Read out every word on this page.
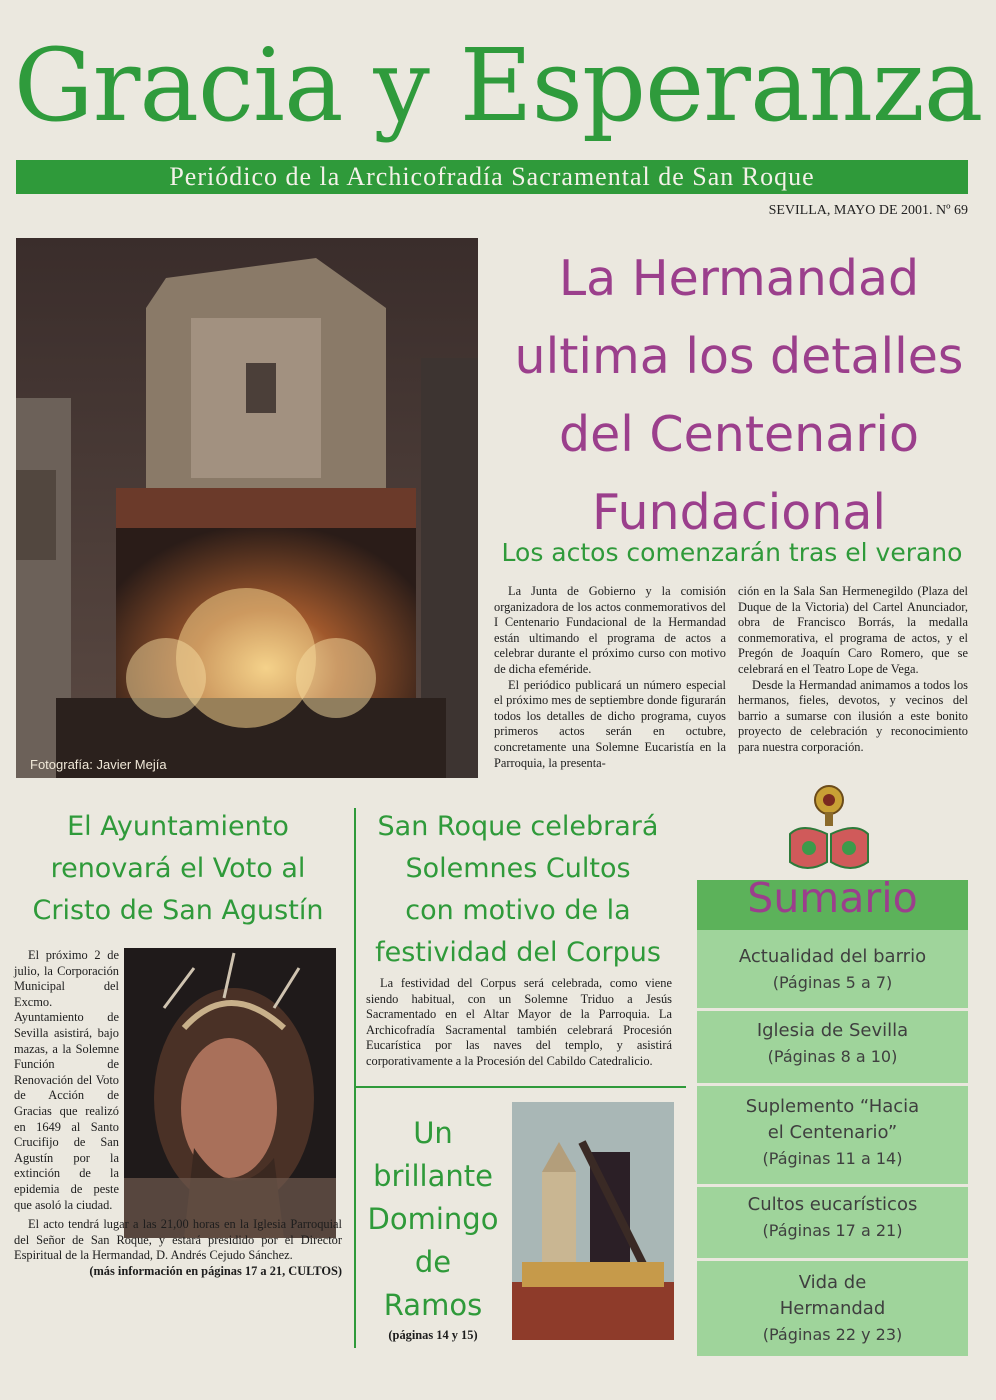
Gracia y Esperanza
Periódico de la Archicofradía Sacramental de San Roque
SEVILLA, MAYO DE 2001. Nº 69
Fotografía: Javier Mejía
La Hermandad
ultima los detalles
del Centenario
Fundacional
Los actos comenzarán tras el verano

La Junta de Gobierno y la comisión organizadora de los actos conmemorativos del I Centenario Fundacional de la Hermandad están ultimando el programa de actos a celebrar durante el próximo curso con motivo de dicha efeméride.

El periódico publicará un número especial el próximo mes de septiembre donde figurarán todos los detalles de dicho programa, cuyos primeros actos serán en octubre, concretamente una Solemne Eucaristía en la Parroquia, la presenta-

ción en la Sala San Hermenegildo (Plaza del Duque de la Victoria) del Cartel Anunciador, obra de Francisco Borrás, la medalla conmemorativa, el programa de actos, y el Pregón de Joaquín Caro Romero, que se celebrará en el Teatro Lope de Vega.

Desde la Hermandad animamos a todos los hermanos, fieles, devotos, y vecinos del barrio a sumarse con ilusión a este bonito proyecto de celebración y reconocimiento para nuestra corporación.

El Ayuntamiento
renovará el Voto al
Cristo de San Agustín

El próximo 2 de julio, la Corporación Municipal del Excmo. Ayuntamiento de Sevilla asistirá, bajo mazas, a la Solemne Función de Renovación del Voto de Acción de Gracias que realizó en 1649 al Santo Crucifijo de San Agustín por la extinción de la epidemia de peste que asoló la ciudad.

El acto tendrá lugar a las 21,00 horas en la Iglesia Parroquial del Señor de San Roque, y estará presidido por el Director Espiritual de la Hermandad, D. Andrés Cejudo Sánchez.

(más información en páginas 17 a 21, CULTOS)

San Roque celebrará
Solemnes Cultos
con motivo de la
festividad del Corpus

La festividad del Corpus será celebrada, como viene siendo habitual, con un Solemne Triduo a Jesús Sacramentado en el Altar Mayor de la Parroquia. La Archicofradía Sacramental también celebrará Procesión Eucarística por las naves del templo, y asistirá corporativamente a la Procesión del Cabildo Catedralicio.

Un
brillante
Domingo
de
Ramos
(páginas 14 y 15)
Sumario
Actualidad del barrio
(Páginas 5 a 7)
Iglesia de Sevilla
(Páginas 8 a 10)
Suplemento “Hacia
el Centenario”
(Páginas 11 a 14)
Cultos eucarísticos
(Páginas 17 a 21)
Vida de
Hermandad
(Páginas 22 y 23)
